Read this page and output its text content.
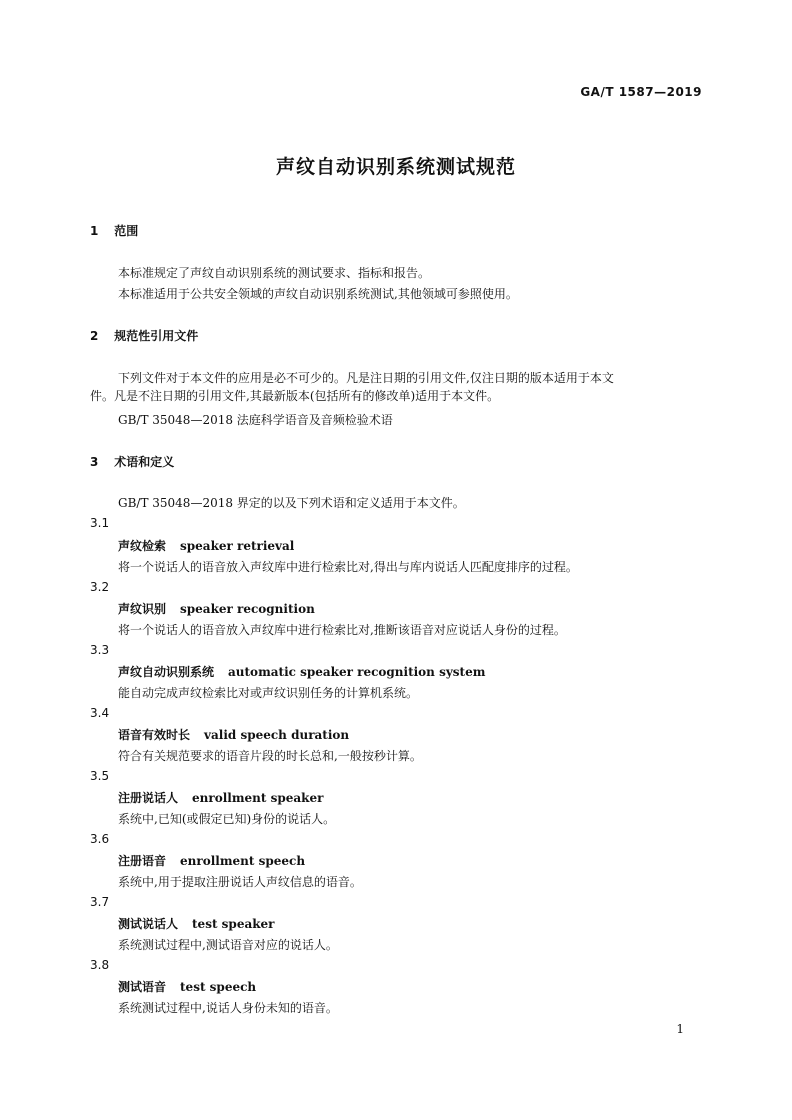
GA/T 1587—2019
声纹自动识别系统测试规范
1 范围
本标准规定了声纹自动识别系统的测试要求、指标和报告。
本标准适用于公共安全领域的声纹自动识别系统测试,其他领域可参照使用。
2 规范性引用文件
下列文件对于本文件的应用是必不可少的。凡是注日期的引用文件,仅注日期的版本适用于本文
件。凡是不注日期的引用文件,其最新版本(包括所有的修改单)适用于本文件。
GB/T 35048—2018 法庭科学语音及音频检验术语
3 术语和定义
GB/T 35048—2018 界定的以及下列术语和定义适用于本文件。
3.1
声纹检索 speaker retrieval
将一个说话人的语音放入声纹库中进行检索比对,得出与库内说话人匹配度排序的过程。
3.2
声纹识别 speaker recognition
将一个说话人的语音放入声纹库中进行检索比对,推断该语音对应说话人身份的过程。
3.3
声纹自动识别系统 automatic speaker recognition system
能自动完成声纹检索比对或声纹识别任务的计算机系统。
3.4
语音有效时长 valid speech duration
符合有关规范要求的语音片段的时长总和,一般按秒计算。
3.5
注册说话人 enrollment speaker
系统中,已知(或假定已知)身份的说话人。
3.6
注册语音 enrollment speech
系统中,用于提取注册说话人声纹信息的语音。
3.7
测试说话人 test speaker
系统测试过程中,测试语音对应的说话人。
3.8
测试语音 test speech
系统测试过程中,说话人身份未知的语音。
1
